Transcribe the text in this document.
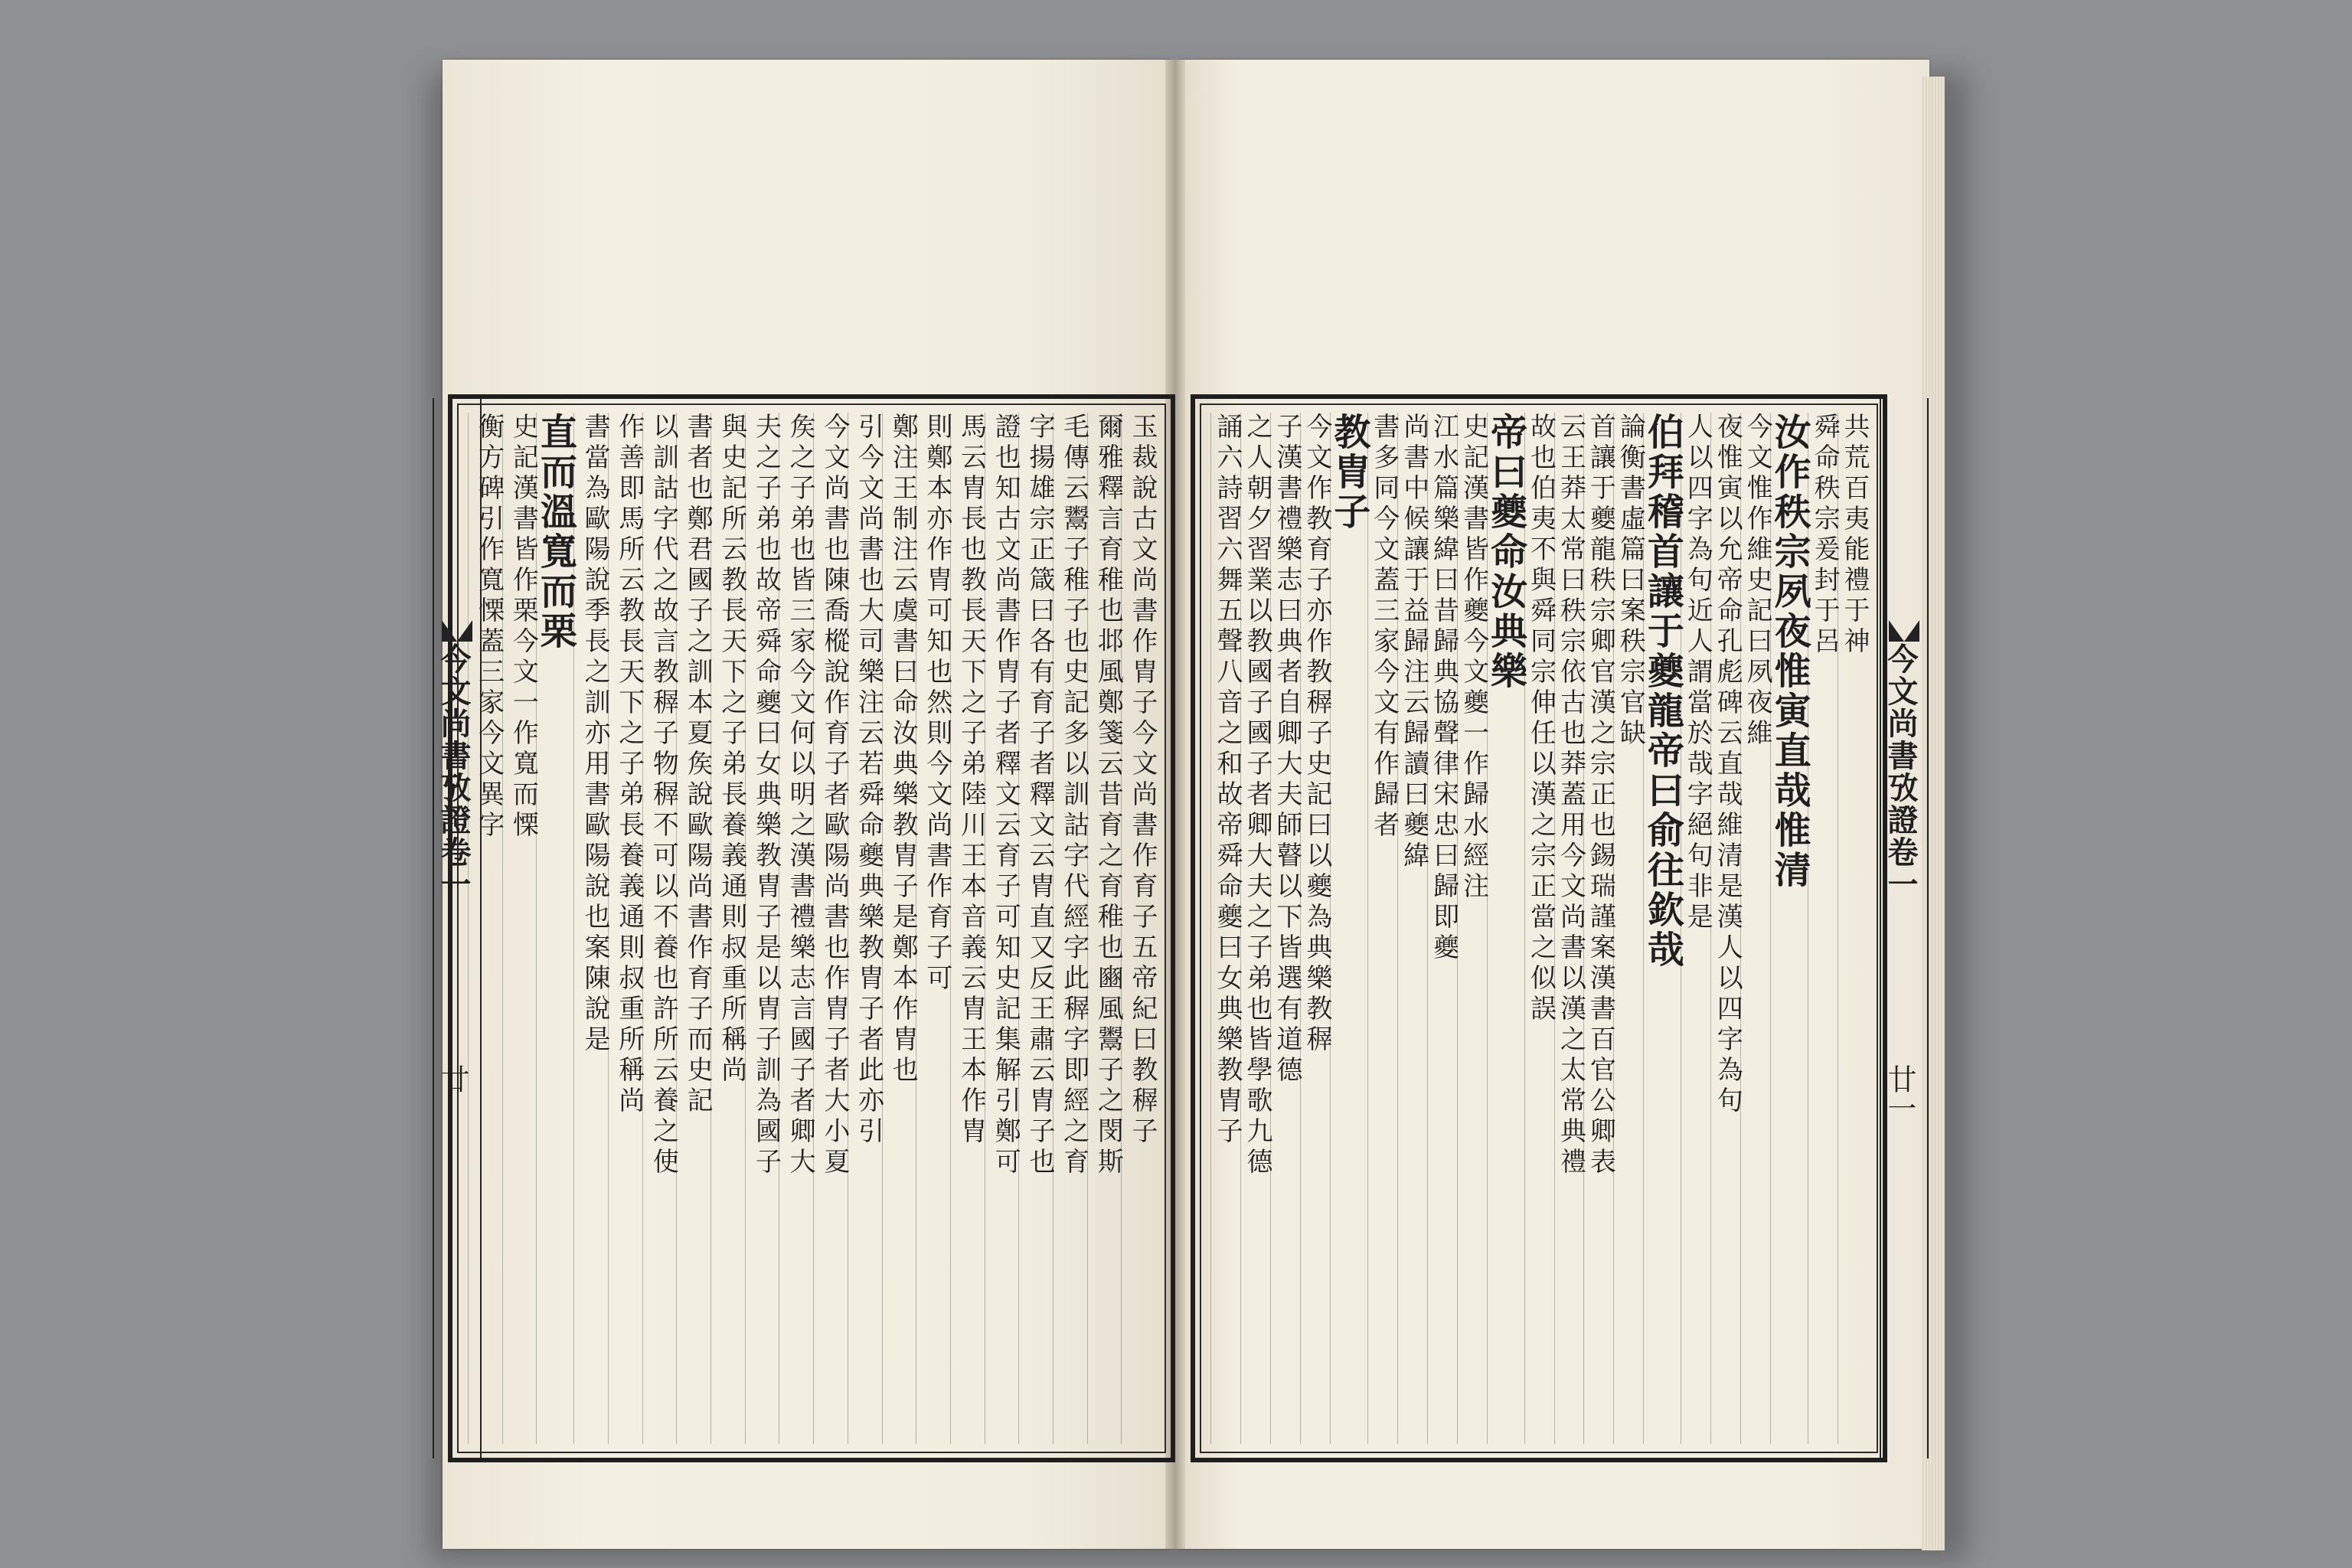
玉裁說古文尚書作胄子今文尚書作育子五帝紀曰教稺子
爾雅釋言育稚也邶風鄭箋云昔育之育稚也豳風鬻子之閔斯
毛傳云鬻子稚子也史記多以訓詁字代經字此稺字即經之育
字揚雄宗正箴曰各有育子者釋文云胄直又反王肅云胄子也
證也知古文尚書作胄子者釋文云育子可知史記集解引鄭可
馬云胄長也教長天下之子弟陸川王本音義云胄王本作胄
則鄭本亦作胄可知也然則今文尚書作育子可
鄭注王制注云虞書曰命汝典樂教胄子是鄭本作胄也
引今文尚書也大司樂注云若舜命夔典樂教胄子者此亦引
今文尚書也陳喬樅說作育子者歐陽尚書也作胄子者大小夏
矦之子弟也皆三家今文何以明之漢書禮樂志言國子者卿大
夫之子弟也故帝舜命夔曰女典樂教胄子是以胄子訓為國子
與史記所云教長天下之子弟長養義通則叔重所稱尚
書者也鄭君國子之訓本夏矦說歐陽尚書作育子而史記
以訓詁字代之故言教稺子物稺不可以不養也許所云養之使
作善即馬所云教長天下之子弟長養義通則叔重所稱尚
書當為歐陽說季長之訓亦用書歐陽說也案陳說是
直而溫寬而栗
史記漢書皆作栗今文一作寬而慄
衡方碑引作寬慄蓋三家今文異字
今文尚書攷證卷一
廿
共荒百夷能禮于神
舜命秩宗爰封于呂
汝作秩宗夙夜惟寅直哉惟清
今文惟作維史記曰夙夜維
夜惟寅以允帝命孔彪碑云直哉維清是漢人以四字為句
人以四字為句近人謂當於哉字絕句非是
伯拜稽首讓于夔龍帝曰俞往欽哉
論衡書虛篇曰案秩宗官缺
首讓于夔龍秩宗卿官漢之宗正也錫瑞謹案漢書百官公卿表
云王莽太常曰秩宗依古也莽蓋用今文尚書以漢之太常典禮
故也伯夷不與舜同宗伸任以漢之宗正當之似誤
帝曰夔命汝典樂
史記漢書皆作夔今文夔一作歸水經注
江水篇樂緯曰昔歸典協聲律宋忠曰歸即夔
尚書中候讓于益歸注云歸讀曰夔緯
書多同今文蓋三家今文有作歸者
教胄子
今文作教育子亦作教稺子史記曰以夔為典樂教稺
子漢書禮樂志曰典者自卿大夫師瞽以下皆選有道德
之人朝夕習業以教國子國子者卿大夫之子弟也皆學歌九德
誦六詩習六舞五聲八音之和故帝舜命夔曰女典樂教胄子	今文尚書攷證卷一
廿一
